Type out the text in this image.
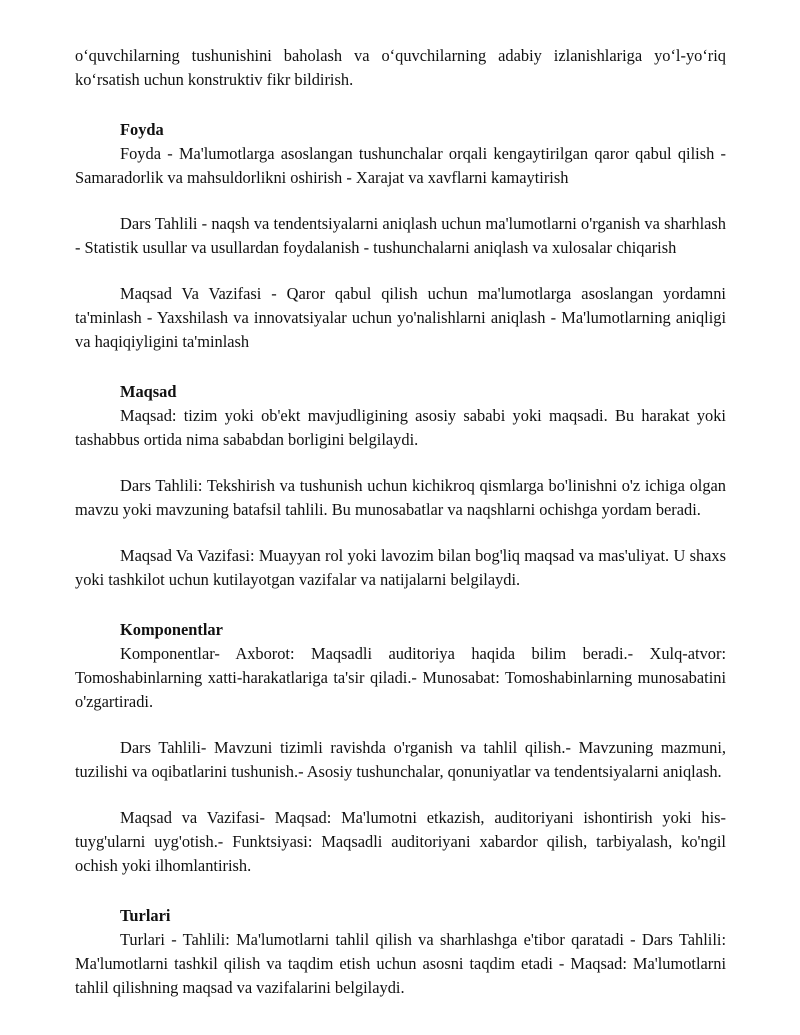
o‘quvchilarning tushunishini baholash va o‘quvchilarning adabiy izlanishlariga yo‘l-yo‘riq ko‘rsatish uchun konstruktiv fikr bildirish.

Foyda

Foyda - Ma'lumotlarga asoslangan tushunchalar orqali kengaytirilgan qaror qabul qilish - Samaradorlik va mahsuldorlikni oshirish - Xarajat va xavflarni kamaytirish

Dars Tahlili - naqsh va tendentsiyalarni aniqlash uchun ma'lumotlarni o'rganish va sharhlash - Statistik usullar va usullardan foydalanish - tushunchalarni aniqlash va xulosalar chiqarish

Maqsad Va Vazifasi - Qaror qabul qilish uchun ma'lumotlarga asoslangan yordamni ta'minlash - Yaxshilash va innovatsiyalar uchun yo'nalishlarni aniqlash - Ma'lumotlarning aniqligi va haqiqiyligini ta'minlash

Maqsad

Maqsad: tizim yoki ob'ekt mavjudligining asosiy sababi yoki maqsadi. Bu harakat yoki tashabbus ortida nima sababdan borligini belgilaydi.

Dars Tahlili: Tekshirish va tushunish uchun kichikroq qismlarga bo'linishni o'z ichiga olgan mavzu yoki mavzuning batafsil tahlili. Bu munosabatlar va naqshlarni ochishga yordam beradi.

Maqsad Va Vazifasi: Muayyan rol yoki lavozim bilan bog'liq maqsad va mas'uliyat. U shaxs yoki tashkilot uchun kutilayotgan vazifalar va natijalarni belgilaydi.

Komponentlar

Komponentlar- Axborot: Maqsadli auditoriya haqida bilim beradi.- Xulq-atvor: Tomoshabinlarning xatti-harakatlariga ta'sir qiladi.- Munosabat: Tomoshabinlarning munosabatini o'zgartiradi.

Dars Tahlili- Mavzuni tizimli ravishda o'rganish va tahlil qilish.- Mavzuning mazmuni, tuzilishi va oqibatlarini tushunish.- Asosiy tushunchalar, qonuniyatlar va tendentsiyalarni aniqlash.

Maqsad va Vazifasi- Maqsad: Ma'lumotni etkazish, auditoriyani ishontirish yoki his-tuyg'ularni uyg'otish.- Funktsiyasi: Maqsadli auditoriyani xabardor qilish, tarbiyalash, ko'ngil ochish yoki ilhomlantirish.

Turlari

Turlari - Tahlili: Ma'lumotlarni tahlil qilish va sharhlashga e'tibor qaratadi - Dars Tahlili: Ma'lumotlarni tashkil qilish va taqdim etish uchun asosni taqdim etadi - Maqsad: Ma'lumotlarni tahlil qilishning maqsad va vazifalarini belgilaydi.
